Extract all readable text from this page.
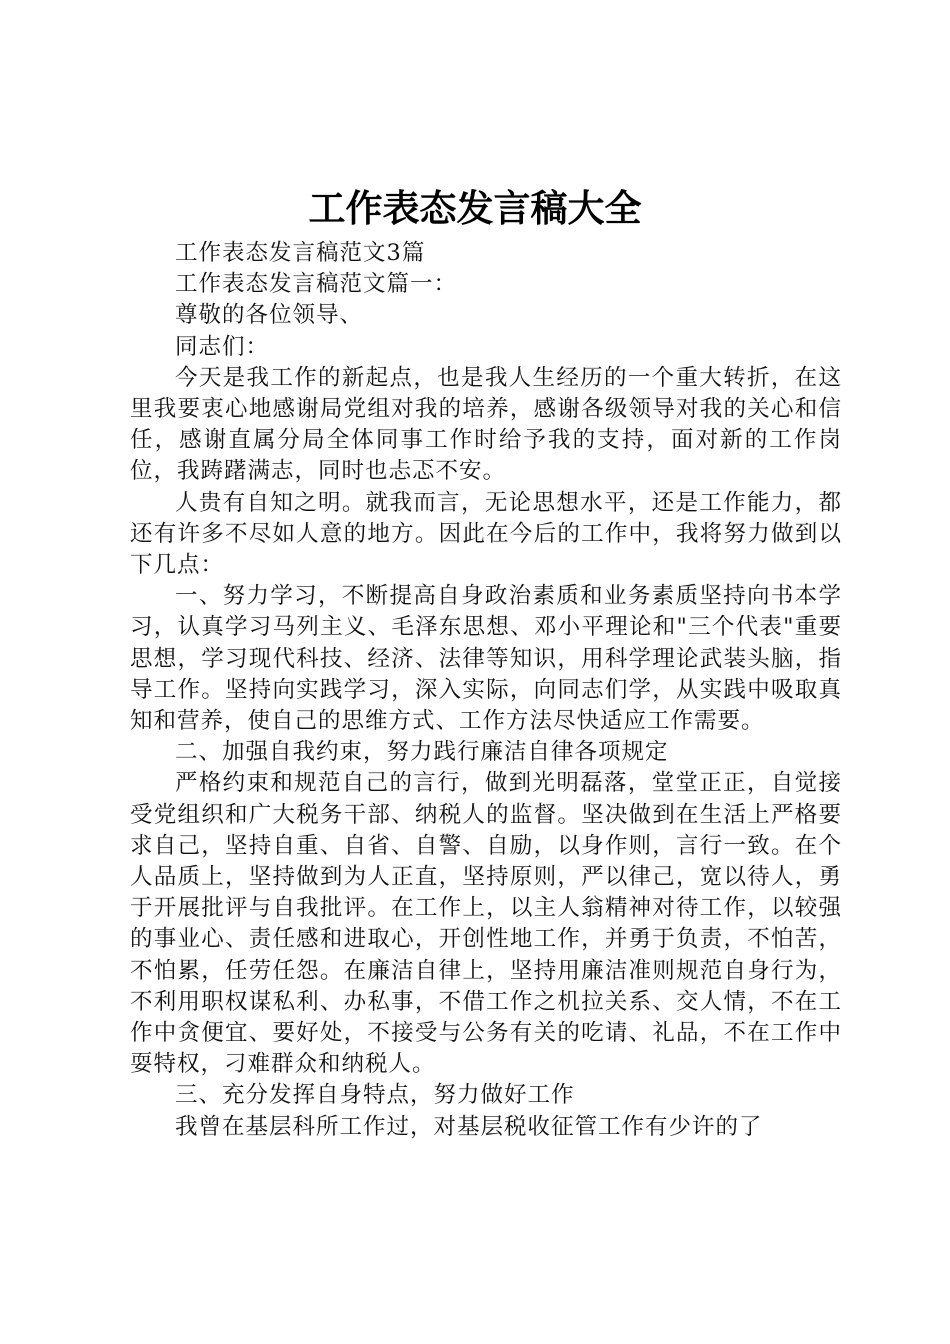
工作表态发言稿大全

工作表态发言稿范文3篇

工作表态发言稿范文篇一：

尊敬的各位领导、

同志们：

今天是我工作的新起点，也是我人生经历的一个重大转折，在这里我要衷心地感谢局党组对我的培养，感谢各级领导对我的关心和信任，感谢直属分局全体同事工作时给予我的支持，面对新的工作岗位，我踌躇满志，同时也忐忑不安。

人贵有自知之明。就我而言，无论思想水平，还是工作能力，都还有许多不尽如人意的地方。因此在今后的工作中，我将努力做到以下几点：

一、努力学习，不断提高自身政治素质和业务素质坚持向书本学习，认真学习马列主义、毛泽东思想、邓小平理论和"三个代表"重要思想，学习现代科技、经济、法律等知识，用科学理论武装头脑，指导工作。坚持向实践学习，深入实际，向同志们学，从实践中吸取真知和营养，使自己的思维方式、工作方法尽快适应工作需要。

二、加强自我约束，努力践行廉洁自律各项规定

严格约束和规范自己的言行，做到光明磊落，堂堂正正，自觉接受党组织和广大税务干部、纳税人的监督。坚决做到在生活上严格要求自己，坚持自重、自省、自警、自励，以身作则，言行一致。在个人品质上，坚持做到为人正直，坚持原则，严以律己，宽以待人，勇于开展批评与自我批评。在工作上，以主人翁精神对待工作，以较强的事业心、责任感和进取心，开创性地工作，并勇于负责，不怕苦，不怕累，任劳任怨。在廉洁自律上，坚持用廉洁准则规范自身行为，不利用职权谋私利、办私事，不借工作之机拉关系、交人情，不在工作中贪便宜、要好处，不接受与公务有关的吃请、礼品，不在工作中耍特权，刁难群众和纳税人。

三、充分发挥自身特点，努力做好工作

我曾在基层科所工作过，对基层税收征管工作有少许的了
